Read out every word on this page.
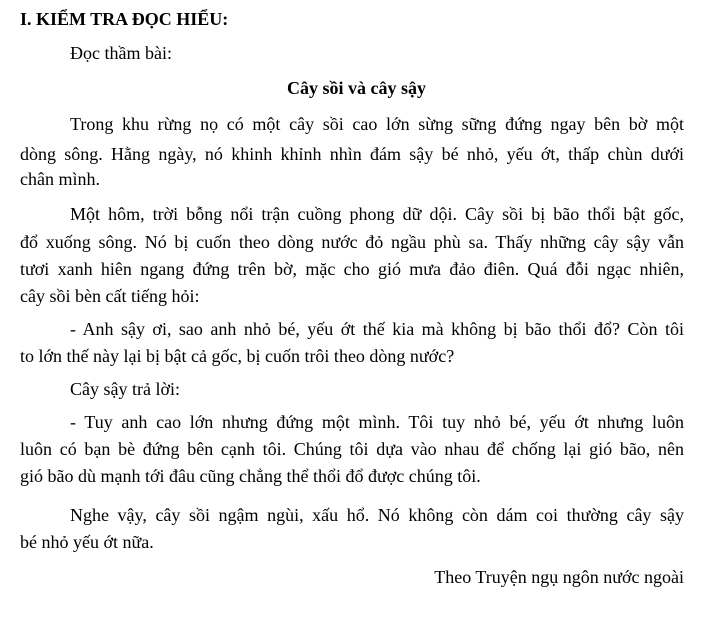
I. KIỂM TRA ĐỌC HIỂU:
Đọc thầm bài:
Cây sồi và cây sậy
Trong khu rừng nọ có một cây sồi cao lớn sừng sững đứng ngay bên bờ một
dòng sông. Hằng ngày, nó khinh khỉnh nhìn đám sậy bé nhỏ, yếu ớt, thấp chùn dưới
chân mình.
Một hôm, trời bỗng nổi trận cuồng phong dữ dội. Cây sồi bị bão thổi bật gốc,
đổ xuống sông. Nó bị cuốn theo dòng nước đỏ ngầu phù sa. Thấy những cây sậy vẫn
tươi xanh hiên ngang đứng trên bờ, mặc cho gió mưa đảo điên. Quá đỗi ngạc nhiên,
cây sồi bèn cất tiếng hỏi:
- Anh sậy ơi, sao anh nhỏ bé, yếu ớt thế kia mà không bị bão thổi đổ? Còn tôi
to lớn thế này lại bị bật cả gốc, bị cuốn trôi theo dòng nước?
Cây sậy trả lời:
- Tuy anh cao lớn nhưng đứng một mình. Tôi tuy nhỏ bé, yếu ớt nhưng luôn
luôn có bạn bè đứng bên cạnh tôi. Chúng tôi dựa vào nhau để chống lại gió bão, nên
gió bão dù mạnh tới đâu cũng chẳng thể thổi đổ được chúng tôi.
Nghe vậy, cây sồi ngậm ngùi, xấu hổ. Nó không còn dám coi thường cây sậy
bé nhỏ yếu ớt nữa.
Theo Truyện ngụ ngôn nước ngoài
